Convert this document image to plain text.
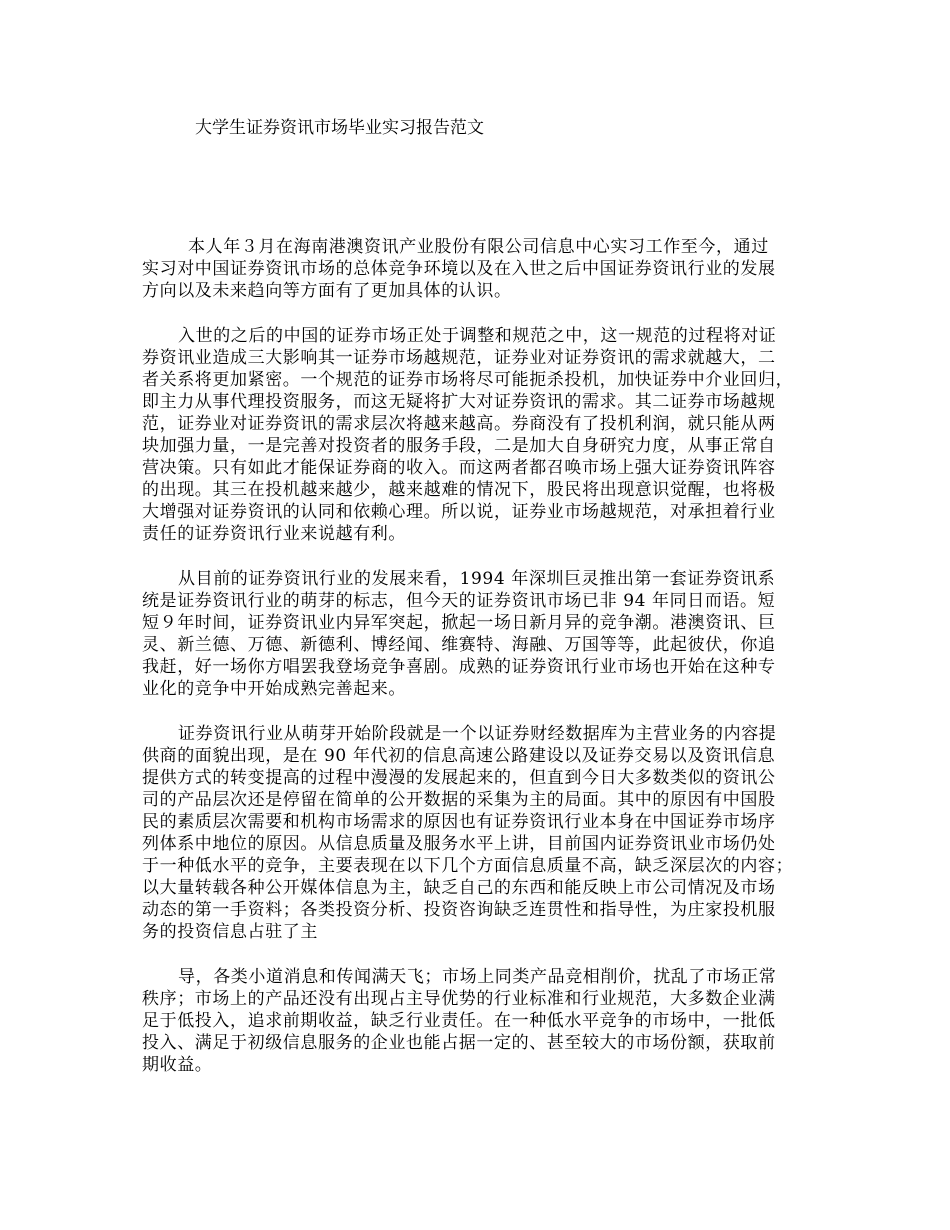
大学生证券资讯市场毕业实习报告范文

本人年３月在海南港澳资讯产业股份有限公司信息中心实习工作至今，通过
实习对中国证券资讯市场的总体竞争环境以及在入世之后中国证券资讯行业的发展
方向以及未来趋向等方面有了更加具体的认识。

入世的之后的中国的证券市场正处于调整和规范之中，这一规范的过程将对证
券资讯业造成三大影响其一证券市场越规范，证券业对证券资讯的需求就越大，二
者关系将更加紧密。一个规范的证券市场将尽可能扼杀投机，加快证券中介业回归，
即主力从事代理投资服务，而这无疑将扩大对证券资讯的需求。其二证券市场越规
范，证券业对证券资讯的需求层次将越来越高。券商没有了投机利润，就只能从两
块加强力量，一是完善对投资者的服务手段，二是加大自身研究力度，从事正常自
营决策。只有如此才能保证券商的收入。而这两者都召唤市场上强大证券资讯阵容
的出现。其三在投机越来越少，越来越难的情况下，股民将出现意识觉醒，也将极
大增强对证券资讯的认同和依赖心理。所以说，证券业市场越规范，对承担着行业
责任的证券资讯行业来说越有利。

从目前的证券资讯行业的发展来看，1994 年深圳巨灵推出第一套证券资讯系
统是证券资讯行业的萌芽的标志，但今天的证券资讯市场已非 94 年同日而语。短
短９年时间，证券资讯业内异军突起，掀起一场日新月异的竞争潮。港澳资讯、巨
灵、新兰德、万德、新德利、博经闻、维赛特、海融、万国等等，此起彼伏，你追
我赶，好一场你方唱罢我登场竞争喜剧。成熟的证券资讯行业市场也开始在这种专
业化的竞争中开始成熟完善起来。

证券资讯行业从萌芽开始阶段就是一个以证券财经数据库为主营业务的内容提
供商的面貌出现，是在 90 年代初的信息高速公路建设以及证券交易以及资讯信息
提供方式的转变提高的过程中漫漫的发展起来的，但直到今日大多数类似的资讯公
司的产品层次还是停留在简单的公开数据的采集为主的局面。其中的原因有中国股
民的素质层次需要和机构市场需求的原因也有证券资讯行业本身在中国证券市场序
列体系中地位的原因。从信息质量及服务水平上讲，目前国内证券资讯业市场仍处
于一种低水平的竞争，主要表现在以下几个方面信息质量不高，缺乏深层次的内容；
以大量转载各种公开媒体信息为主，缺乏自己的东西和能反映上市公司情况及市场
动态的第一手资料；各类投资分析、投资咨询缺乏连贯性和指导性，为庄家投机服
务的投资信息占驻了主

导，各类小道消息和传闻满天飞；市场上同类产品竞相削价，扰乱了市场正常
秩序；市场上的产品还没有出现占主导优势的行业标准和行业规范，大多数企业满
足于低投入，追求前期收益，缺乏行业责任。在一种低水平竞争的市场中，一批低
投入、满足于初级信息服务的企业也能占据一定的、甚至较大的市场份额，获取前
期收益。
